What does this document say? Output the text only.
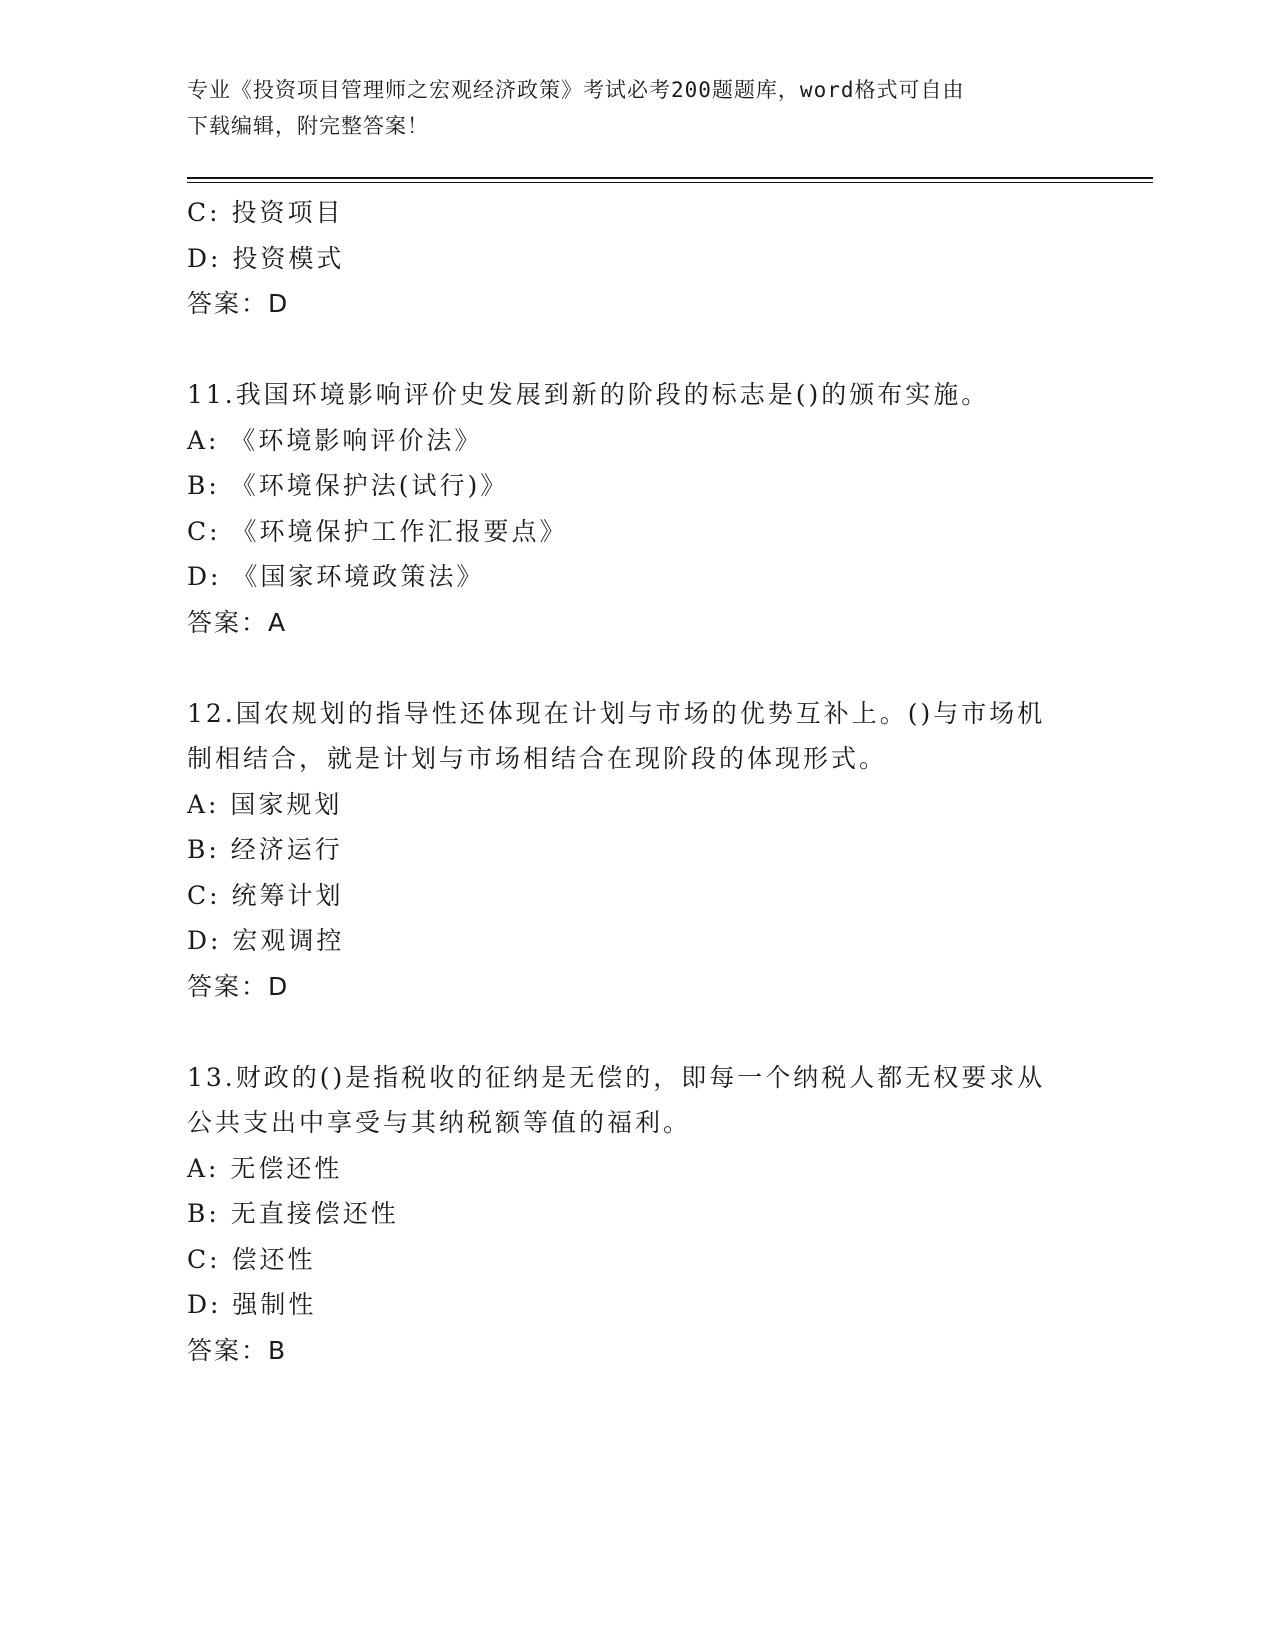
专业《投资项目管理师之宏观经济政策》考试必考200题题库，word格式可自由
下载编辑，附完整答案！
C: 投资项目
D: 投资模式
答案：D
11.我国环境影响评价史发展到新的阶段的标志是()的颁布实施。
A: 《环境影响评价法》
B: 《环境保护法(试行)》
C: 《环境保护工作汇报要点》
D: 《国家环境政策法》
答案：A
12.国农规划的指导性还体现在计划与市场的优势互补上。()与市场机
制相结合，就是计划与市场相结合在现阶段的体现形式。
A: 国家规划
B: 经济运行
C: 统筹计划
D: 宏观调控
答案：D
13.财政的()是指税收的征纳是无偿的，即每一个纳税人都无权要求从
公共支出中享受与其纳税额等值的福利。
A: 无偿还性
B: 无直接偿还性
C: 偿还性
D: 强制性
答案：B
